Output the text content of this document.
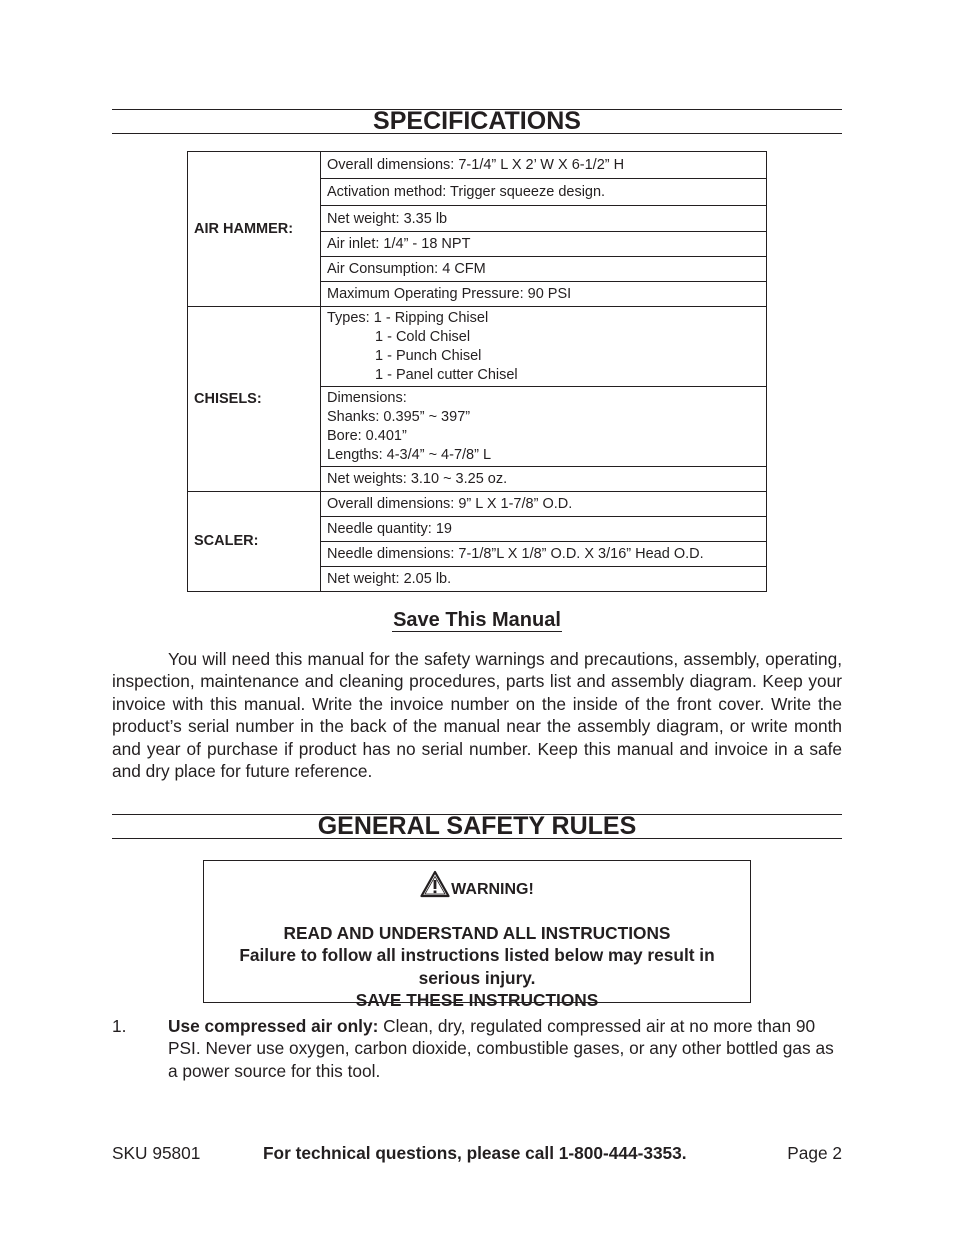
SPECIFICATIONS
AIR HAMMER:	Overall dimensions: 7-1/4” L X 2’ W X 6-1/2” H
	Activation method: Trigger squeeze design.
	Net weight: 3.35 lb
	Air inlet: 1/4” - 18 NPT
	Air Consumption: 4 CFM
	Maximum Operating Pressure: 90 PSI
CHISELS:	Types: 1 - Ripping Chisel
1 - Cold Chisel
1 - Punch Chisel
1 - Panel cutter Chisel

	Dimensions:
Shanks: 0.395” ~ 397”
Bore: 0.401”
Lengths: 4-3/4” ~ 4-7/8” L

	Net weights: 3.10 ~ 3.25 oz.
SCALER:	Overall dimensions: 9” L X 1-7/8” O.D.
	Needle quantity: 19
	Needle dimensions: 7-1/8”L X 1/8” O.D. X 3/16” Head O.D.
	Net weight: 2.05 lb.
Save This Manual

You will need this manual for the safety warnings and precautions, assembly, operating, inspection, maintenance and cleaning procedures, parts list and assembly diagram. Keep your invoice with this manual. Write the invoice number on the inside of the front cover. Write the product’s serial number in the back of the manual near the assembly diagram, or write month and year of purchase if product has no serial number. Keep this manual and invoice in a safe and dry place for future reference.

GENERAL SAFETY RULES
WARNING!
READ AND UNDERSTAND ALL INSTRUCTIONS
Failure to follow all instructions listed below may result in serious injury.
SAVE THESE INSTRUCTIONS
1. Use compressed air only: Clean, dry, regulated compressed air at no more than 90 PSI. Never use oxygen, carbon dioxide, combustible gases, or any other bottled gas as a power source for this tool.
SKU 95801	For technical questions, please call 1-800-444-3353.	Page 2
